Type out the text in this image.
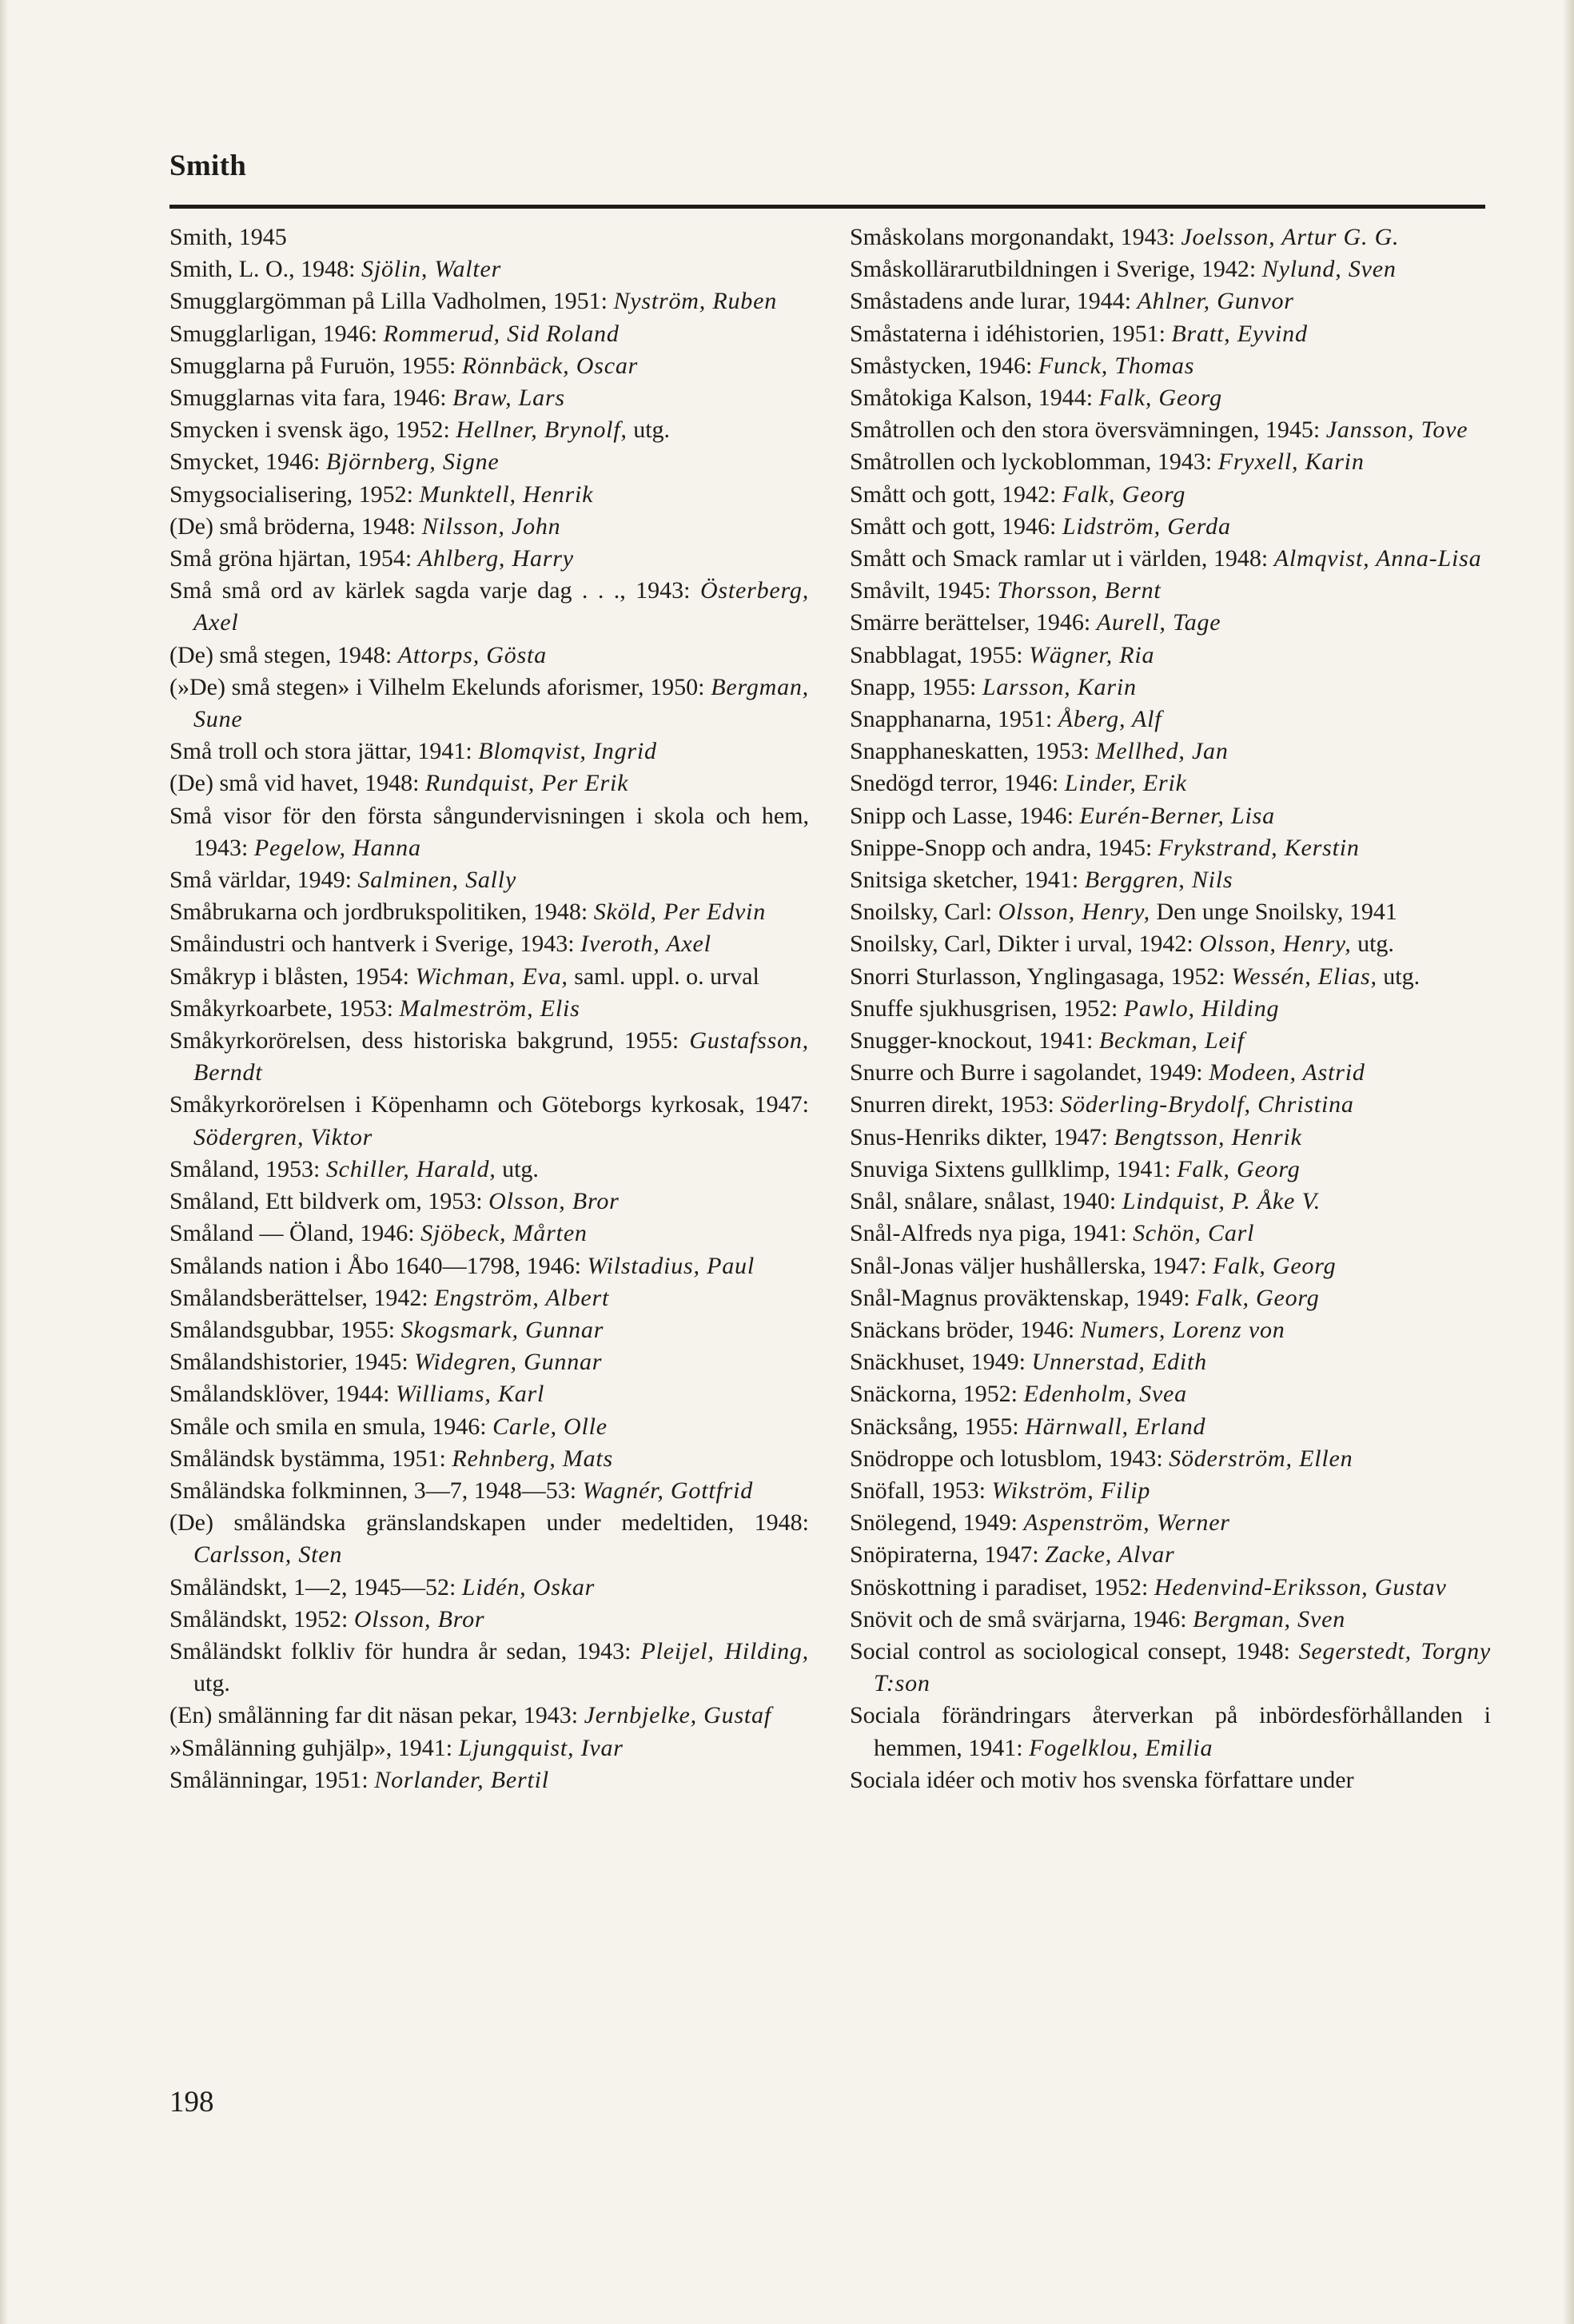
Smith
Smith, 1945
Smith, L. O., 1948: Sjölin, Walter
Smugglargömman på Lilla Vadholmen, 1951: Nyström, Ruben
Smugglarligan, 1946: Rommerud, Sid Roland
Smugglarna på Furuön, 1955: Rönnbäck, Oscar
Smugglarnas vita fara, 1946: Braw, Lars
Smycken i svensk ägo, 1952: Hellner, Brynolf, utg.
Smycket, 1946: Björnberg, Signe
Smygsocialisering, 1952: Munktell, Henrik
(De) små bröderna, 1948: Nilsson, John
Små gröna hjärtan, 1954: Ahlberg, Harry
Små små ord av kärlek sagda varje dag . . ., 1943: Österberg, Axel
(De) små stegen, 1948: Attorps, Gösta
(»De) små stegen» i Vilhelm Ekelunds aforismer, 1950: Bergman, Sune
Små troll och stora jättar, 1941: Blomqvist, Ingrid
(De) små vid havet, 1948: Rundquist, Per Erik
Små visor för den första sångundervisningen i skola och hem, 1943: Pegelow, Hanna
Små världar, 1949: Salminen, Sally
Småbrukarna och jordbrukspolitiken, 1948: Sköld, Per Edvin
Småindustri och hantverk i Sverige, 1943: Iveroth, Axel
Småkryp i blåsten, 1954: Wichman, Eva, saml. uppl. o. urval
Småkyrkoarbete, 1953: Malmeström, Elis
Småkyrkorörelsen, dess historiska bakgrund, 1955: Gustafsson, Berndt
Småkyrkorörelsen i Köpenhamn och Göteborgs kyrkosak, 1947: Södergren, Viktor
Småland, 1953: Schiller, Harald, utg.
Småland, Ett bildverk om, 1953: Olsson, Bror
Småland — Öland, 1946: Sjöbeck, Mårten
Smålands nation i Åbo 1640—1798, 1946: Wilstadius, Paul
Smålandsberättelser, 1942: Engström, Albert
Smålandsgubbar, 1955: Skogsmark, Gunnar
Smålandshistorier, 1945: Widegren, Gunnar
Smålandsklöver, 1944: Williams, Karl
Småle och smila en smula, 1946: Carle, Olle
Småländsk bystämma, 1951: Rehnberg, Mats
Småländska folkminnen, 3—7, 1948—53: Wagnér, Gottfrid
(De) småländska gränslandskapen under medeltiden, 1948: Carlsson, Sten
Småländskt, 1—2, 1945—52: Lidén, Oskar
Småländskt, 1952: Olsson, Bror
Småländskt folkliv för hundra år sedan, 1943: Pleijel, Hilding, utg.
(En) smålänning far dit näsan pekar, 1943: Jernbjelke, Gustaf
»Smålänning guhjälp», 1941: Ljungquist, Ivar
Smålänningar, 1951: Norlander, Bertil
Småskolans morgonandakt, 1943: Joelsson, Artur G. G.
Småskollärarutbildningen i Sverige, 1942: Nylund, Sven
Småstadens ande lurar, 1944: Ahlner, Gunvor
Småstaterna i idéhistorien, 1951: Bratt, Eyvind
Småstycken, 1946: Funck, Thomas
Småtokiga Kalson, 1944: Falk, Georg
Småtrollen och den stora översvämningen, 1945: Jansson, Tove
Småtrollen och lyckoblomman, 1943: Fryxell, Karin
Smått och gott, 1942: Falk, Georg
Smått och gott, 1946: Lidström, Gerda
Smått och Smack ramlar ut i världen, 1948: Almqvist, Anna-Lisa
Småvilt, 1945: Thorsson, Bernt
Smärre berättelser, 1946: Aurell, Tage
Snabblagat, 1955: Wägner, Ria
Snapp, 1955: Larsson, Karin
Snapphanarna, 1951: Åberg, Alf
Snapphaneskatten, 1953: Mellhed, Jan
Snedögd terror, 1946: Linder, Erik
Snipp och Lasse, 1946: Eurén-Berner, Lisa
Snippe-Snopp och andra, 1945: Frykstrand, Kerstin
Snitsiga sketcher, 1941: Berggren, Nils
Snoilsky, Carl: Olsson, Henry, Den unge Snoilsky, 1941
Snoilsky, Carl, Dikter i urval, 1942: Olsson, Henry, utg.
Snorri Sturlasson, Ynglingasaga, 1952: Wessén, Elias, utg.
Snuffe sjukhusgrisen, 1952: Pawlo, Hilding
Snugger-knockout, 1941: Beckman, Leif
Snurre och Burre i sagolandet, 1949: Modeen, Astrid
Snurren direkt, 1953: Söderling-Brydolf, Christina
Snus-Henriks dikter, 1947: Bengtsson, Henrik
Snuviga Sixtens gullklimp, 1941: Falk, Georg
Snål, snålare, snålast, 1940: Lindquist, P. Åke V.
Snål-Alfreds nya piga, 1941: Schön, Carl
Snål-Jonas väljer hushållerska, 1947: Falk, Georg
Snål-Magnus proväktenskap, 1949: Falk, Georg
Snäckans bröder, 1946: Numers, Lorenz von
Snäckhuset, 1949: Unnerstad, Edith
Snäckorna, 1952: Edenholm, Svea
Snäcksång, 1955: Härnwall, Erland
Snödroppe och lotusblom, 1943: Söderström, Ellen
Snöfall, 1953: Wikström, Filip
Snölegend, 1949: Aspenström, Werner
Snöpiraterna, 1947: Zacke, Alvar
Snöskottning i paradiset, 1952: Hedenvind-Eriksson, Gustav
Snövit och de små svärjarna, 1946: Bergman, Sven
Social control as sociological consept, 1948: Segerstedt, Torgny T:son
Sociala förändringars återverkan på inbördesförhållanden i hemmen, 1941: Fogelklou, Emilia
Sociala idéer och motiv hos svenska författare under
198
